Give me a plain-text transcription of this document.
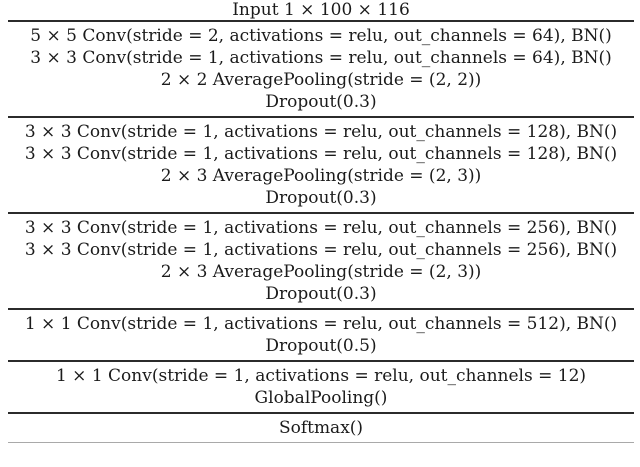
Input 1 × 100 × 116
5 × 5 Conv(stride = 2, activations = relu, out_channels = 64), BN()
3 × 3 Conv(stride = 1, activations = relu, out_channels = 64), BN()
2 × 2 AveragePooling(stride = (2, 2))
Dropout(0.3)
3 × 3 Conv(stride = 1, activations = relu, out_channels = 128), BN()
3 × 3 Conv(stride = 1, activations = relu, out_channels = 128), BN()
2 × 3 AveragePooling(stride = (2, 3))
Dropout(0.3)
3 × 3 Conv(stride = 1, activations = relu, out_channels = 256), BN()
3 × 3 Conv(stride = 1, activations = relu, out_channels = 256), BN()
2 × 3 AveragePooling(stride = (2, 3))
Dropout(0.3)
1 × 1 Conv(stride = 1, activations = relu, out_channels = 512), BN()
Dropout(0.5)
1 × 1 Conv(stride = 1, activations = relu, out_channels = 12)
GlobalPooling()
Softmax()
